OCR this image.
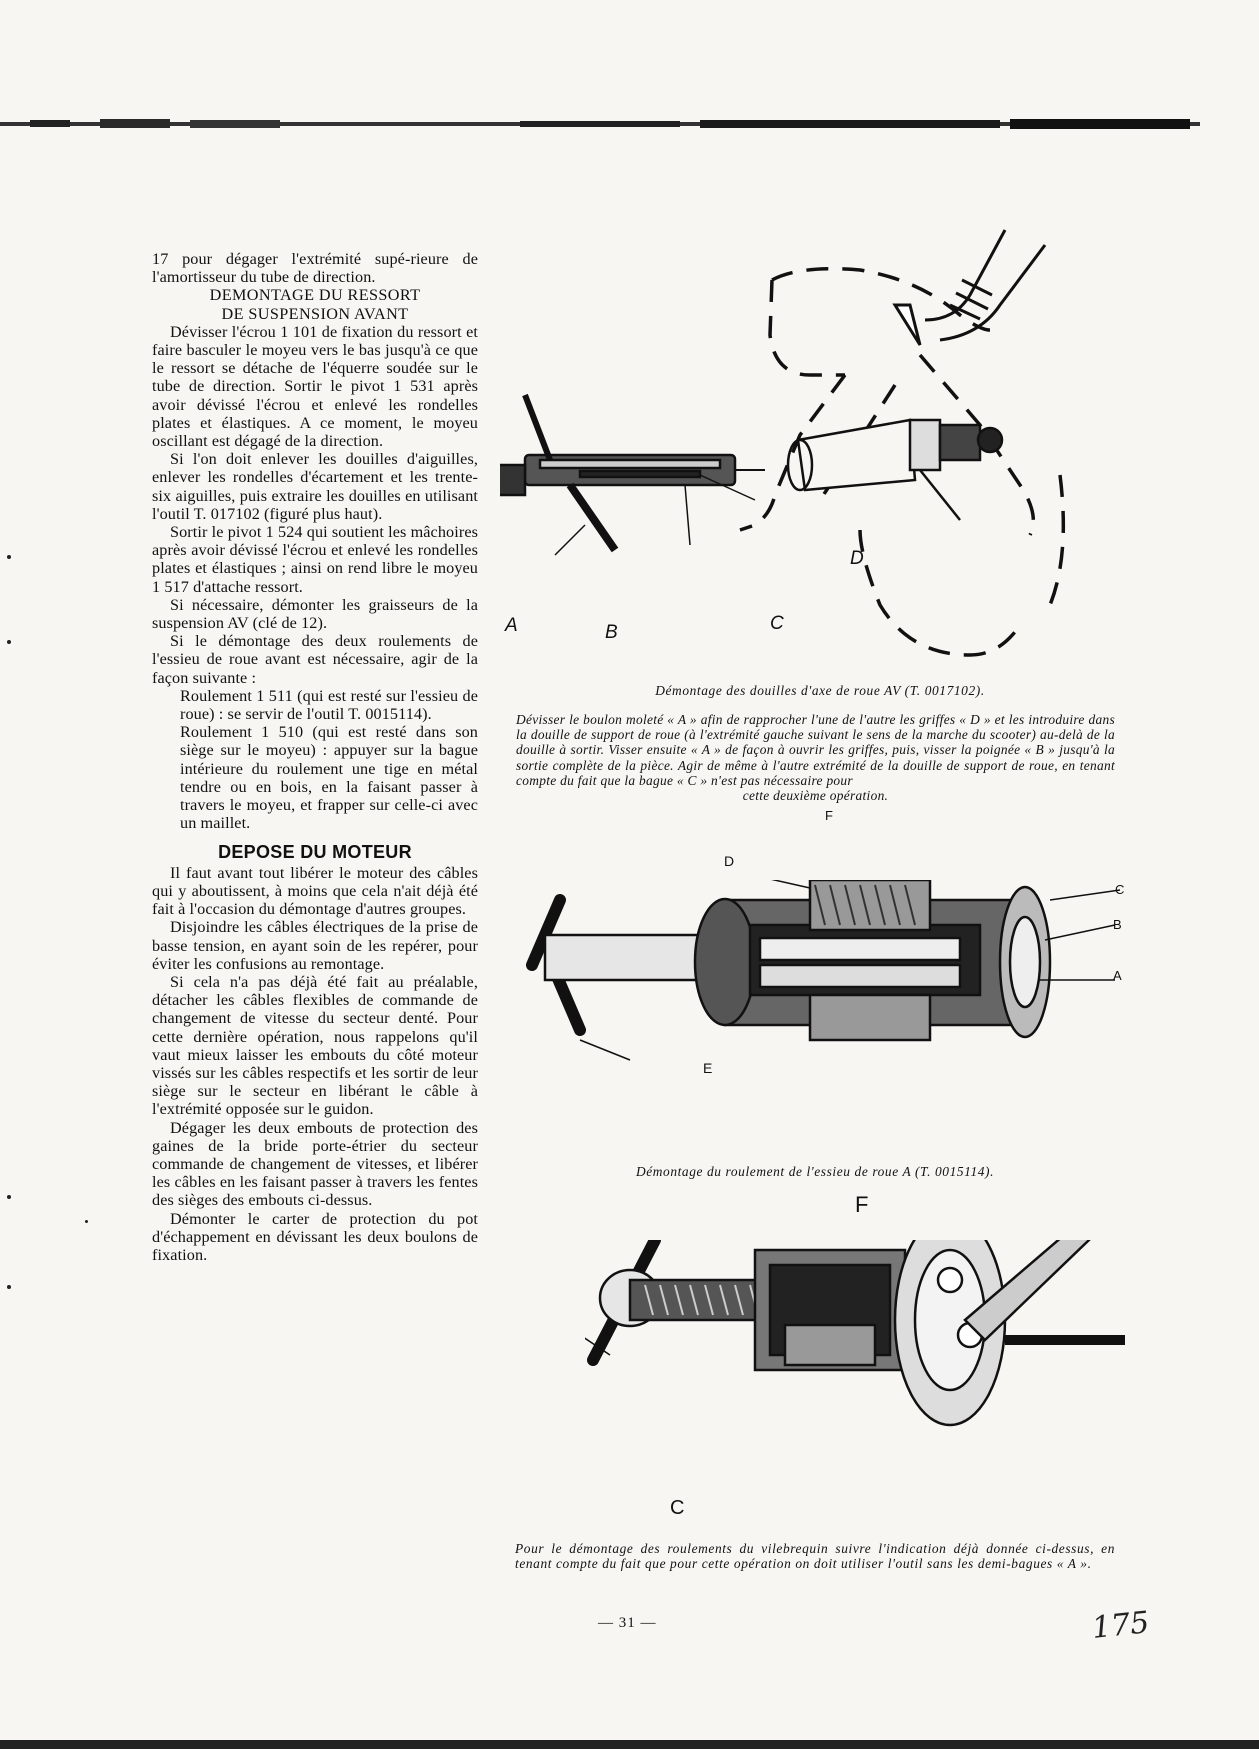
17 pour dégager l'extrémité supé-rieure de l'amortisseur du tube de direction.

DEMONTAGE DU RESSORT
DE SUSPENSION AVANT

Dévisser l'écrou 1 101 de fixation du ressort et faire basculer le moyeu vers le bas jusqu'à ce que le ressort se détache de l'équerre soudée sur le tube de direction. Sortir le pivot 1 531 après avoir dévissé l'écrou et enlevé les rondelles plates et élastiques. A ce moment, le moyeu oscillant est dégagé de la direction.

Si l'on doit enlever les douilles d'aiguilles, enlever les rondelles d'écartement et les trente-six aiguilles, puis extraire les douilles en utilisant l'outil T. 017102 (figuré plus haut).

Sortir le pivot 1 524 qui soutient les mâchoires après avoir dévissé l'écrou et enlevé les rondelles plates et élastiques ; ainsi on rend libre le moyeu 1 517 d'attache ressort.

Si nécessaire, démonter les graisseurs de la suspension AV (clé de 12).

Si le démontage des deux roulements de l'essieu de roue avant est nécessaire, agir de la façon suivante :

Roulement 1 511 (qui est resté sur l'essieu de roue) : se servir de l'outil T. 0015114).

Roulement 1 510 (qui est resté dans son siège sur le moyeu) : appuyer sur la bague intérieure du roulement une tige en métal tendre ou en bois, en la faisant passer à travers le moyeu, et frapper sur celle-ci avec un maillet.

DEPOSE DU MOTEUR

Il faut avant tout libérer le moteur des câbles qui y aboutissent, à moins que cela n'ait déjà été fait à l'occasion du démontage d'autres groupes.

Disjoindre les câbles électriques de la prise de basse tension, en ayant soin de les repérer, pour éviter les confusions au remontage.

Si cela n'a pas déjà été fait au préalable, détacher les câbles flexibles de commande de changement de vitesse du secteur denté. Pour cette dernière opération, nous rappelons qu'il vaut mieux laisser les embouts du côté moteur vissés sur les câbles respectifs et les sortir de leur siège sur le secteur en libérant le câble à l'extrémité opposée sur le guidon.

Dégager les deux embouts de protection des gaines de la bride porte-étrier du secteur commande de changement de vitesses, et libérer les câbles en les faisant passer à travers les fentes des sièges des embouts ci-dessus.

Démonter le carter de protection du pot d'échappement en dévissant les deux boulons de fixation.

A	B	C
D
Démontage des douilles d'axe de roue AV (T. 0017102).
Dévisser le boulon moleté « A » afin de rapprocher l'une de l'autre les griffes « D » et les introduire dans la douille de support de roue (à l'extrémité gauche suivant le sens de la marche du scooter) au-delà de la douille à sortir. Visser ensuite « A » de façon à ouvrir les griffes, puis, visser la poignée « B » jusqu'à la sortie complète de la pièce. Agir de même à l'autre extrémité de la douille de support de roue, en tenant compte du fait que la bague « C » n'est pas nécessaire pour
cette deuxième opération.
F
D
C
B
A
E
Démontage du roulement de l'essieu de roue A (T. 0015114).
F
C
Pour le démontage des roulements du vilebrequin suivre l'indication déjà donnée ci-dessus, en tenant compte du fait que pour cette opération on doit utiliser l'outil sans les demi-bagues « A ».
— 31 —	175
